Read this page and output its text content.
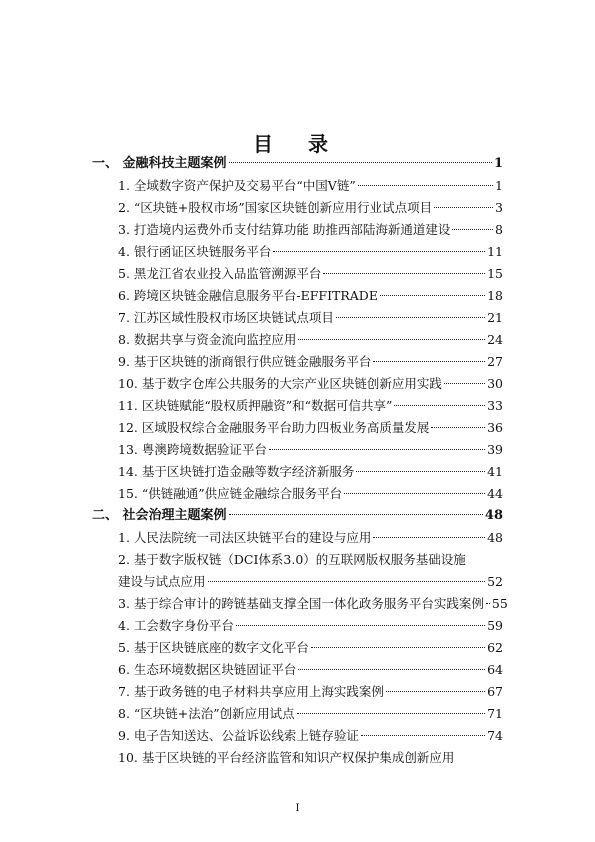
目 录
一、 金融科技主题案例	1
1. 全域数字资产保护及交易平台“中国V链”	1
2. “区块链+股权市场”国家区块链创新应用行业试点项目	3
3. 打造境内运费外币支付结算功能 助推西部陆海新通道建设	8
4. 银行函证区块链服务平台	11
5. 黑龙江省农业投入品监管溯源平台	15
6. 跨境区块链金融信息服务平台-EFFITRADE	18
7. 江苏区域性股权市场区块链试点项目	21
8. 数据共享与资金流向监控应用	24
9. 基于区块链的浙商银行供应链金融服务平台	27
10. 基于数字仓库公共服务的大宗产业区块链创新应用实践	30
11. 区块链赋能“股权质押融资”和“数据可信共享”	33
12. 区域股权综合金融服务平台助力四板业务高质量发展	36
13. 粤澳跨境数据验证平台	39
14. 基于区块链打造金融等数字经济新服务	41
15. “供链融通”供应链金融综合服务平台	44
二、 社会治理主题案例	48
1. 人民法院统一司法区块链平台的建设与应用	48
2. 基于数字版权链（DCI体系3.0）的互联网版权服务基础设施
建设与试点应用	52
3. 基于综合审计的跨链基础支撑全国一体化政务服务平台实践案例 55
4. 工会数字身份平台	59
5. 基于区块链底座的数字文化平台	62
6. 生态环境数据区块链固证平台	64
7. 基于政务链的电子材料共享应用上海实践案例	67
8. “区块链+法治”创新应用试点	71
9. 电子告知送达、公益诉讼线索上链存验证	74
10. 基于区块链的平台经济监管和知识产权保护集成创新应用
I
